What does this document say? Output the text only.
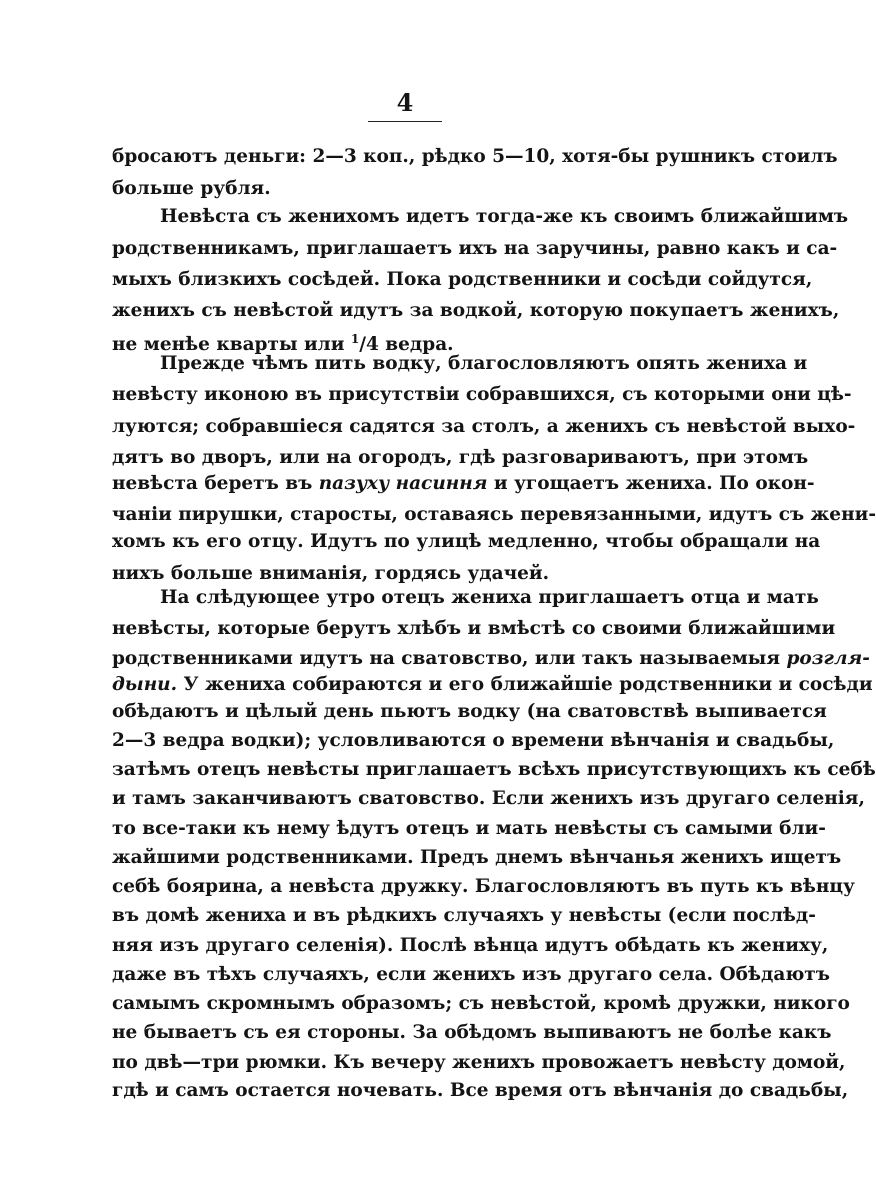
4
бросаютъ деньги: 2—3 коп., рѣдко 5—10, хотя-бы рушникъ стоилъ
больше рубля.
Невѣста съ женихомъ идетъ тогда-же къ своимъ ближайшимъ
родственникамъ, приглашаетъ ихъ на заручины, равно какъ и са-
мыхъ близкихъ сосѣдей. Пока родственники и сосѣди сойдутся,
женихъ съ невѣстой идутъ за водкой, которую покупаетъ женихъ,
не менѣе кварты или $^1$/4 ведра.
Прежде чѣмъ пить водку, благословляютъ опять жениха и
невѣсту иконою въ присутствіи собравшихся, съ которыми они цѣ-
луются; собравшіеся садятся за столъ, а женихъ съ невѣстой выхо-
дятъ во дворъ, или на огородъ, гдѣ разговариваютъ, при этомъ
невѣста беретъ въ пазуху насиння и угощаетъ жениха. По окон-
чаніи пирушки, старосты, оставаясь перевязанными, идутъ съ жени-
хомъ къ его отцу. Идутъ по улицѣ медленно, чтобы обращали на
нихъ больше вниманія, гордясь удачей.
На слѣдующее утро отецъ жениха приглашаетъ отца и мать
невѣсты, которые берутъ хлѣбъ и вмѣстѣ со своими ближайшими
родственниками идутъ на сватовство, или такъ называемыя розгля-
дыни. У жениха собираются и его ближайшіе родственники и сосѣди
обѣдаютъ и цѣлый день пьютъ водку (на сватовствѣ выпивается
2—3 ведра водки); условливаются о времени вѣнчанія и свадьбы,
затѣмъ отецъ невѣсты приглашаетъ всѣхъ присутствующихъ къ себѣ
и тамъ заканчиваютъ сватовство. Если женихъ изъ другаго селенія,
то все-таки къ нему ѣдутъ отецъ и мать невѣсты съ самыми бли-
жайшими родственниками. Предъ днемъ вѣнчанья женихъ ищетъ
себѣ боярина, а невѣста дружку. Благословляютъ въ путь къ вѣнцу
въ домѣ жениха и въ рѣдкихъ случаяхъ у невѣсты (если послѣд-
няя изъ другаго селенія). Послѣ вѣнца идутъ обѣдать къ жениху,
даже въ тѣхъ случаяхъ, если женихъ изъ другаго села. Обѣдаютъ
самымъ скромнымъ образомъ; съ невѣстой, кромѣ дружки, никого
не бываетъ съ ея стороны. За обѣдомъ выпиваютъ не болѣе какъ
по двѣ—три рюмки. Къ вечеру женихъ провожаетъ невѣсту домой,
гдѣ и самъ остается ночевать. Все время отъ вѣнчанія до свадьбы,
